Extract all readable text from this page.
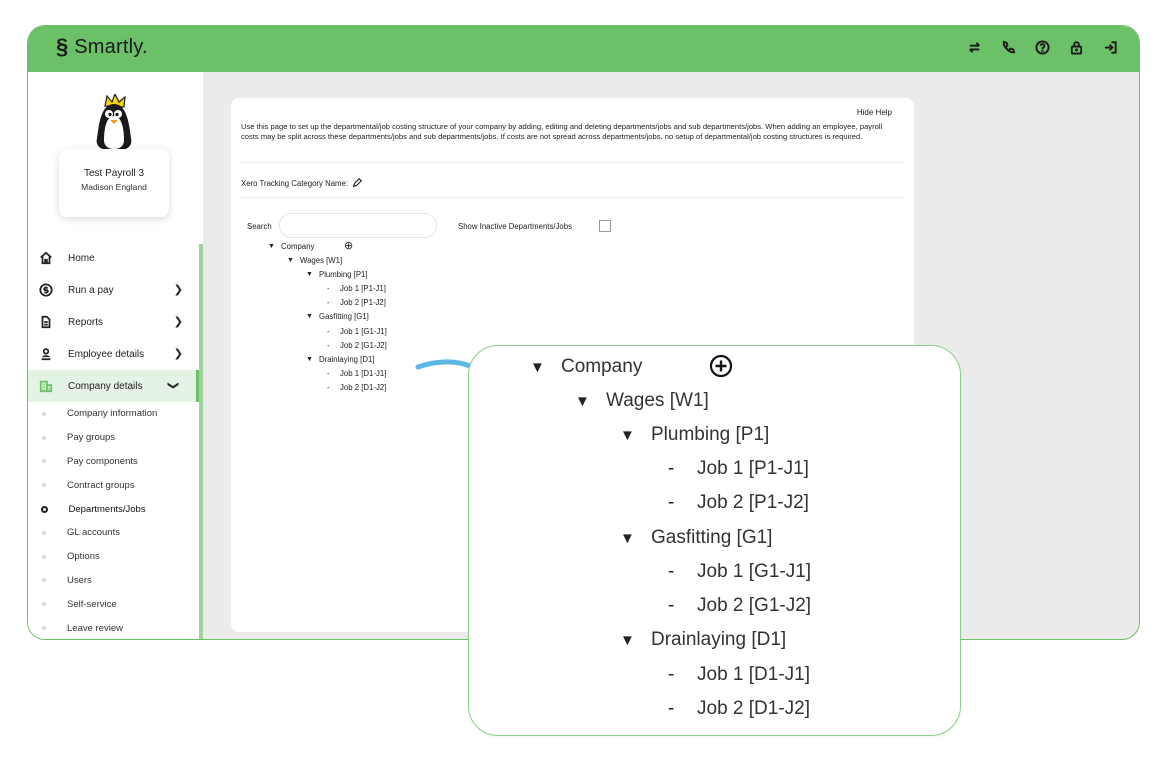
§ Smartly.
Test Payroll 3
Madison England
Home
Run a pay	❯
Reports	❯
Employee details	❯
Company details ❯
Company information
Pay groups
Pay components
Contract groups
Departments/Jobs
GL accounts
Options
Users
Self-service
Leave review
Hide Help

Use this page to set up the departmental/job costing structure of your company by adding, editing and deleting departments/jobs and sub departments/jobs. When adding an employee, payroll costs may be split across these departments/jobs and sub departments/jobs. If costs are not spread across departments/jobs, no setup of departmental/job costing structures is required.

Xero Tracking Category Name:
Search	Show Inactive Departments/Jobs
▼ Company	⊕
▼ Wages [W1]
▼ Plumbing [P1]
-	Job 1 [P1-J1]
-	Job 2 [P1-J2]
▼ Gasfitting [G1]
-	Job 1 [G1-J1]
-	Job 2 [G1-J2]
▼ Drainlaying [D1]
-	Job 1 [D1-J1]
-	Job 2 [D1-J2]
▼ Company
▼ Wages [W1]
▼ Plumbing [P1]
-	Job 1 [P1-J1]
-	Job 2 [P1-J2]
▼ Gasfitting [G1]
-	Job 1 [G1-J1]
-	Job 2 [G1-J2]
▼ Drainlaying [D1]
-	Job 1 [D1-J1]
-	Job 2 [D1-J2]
